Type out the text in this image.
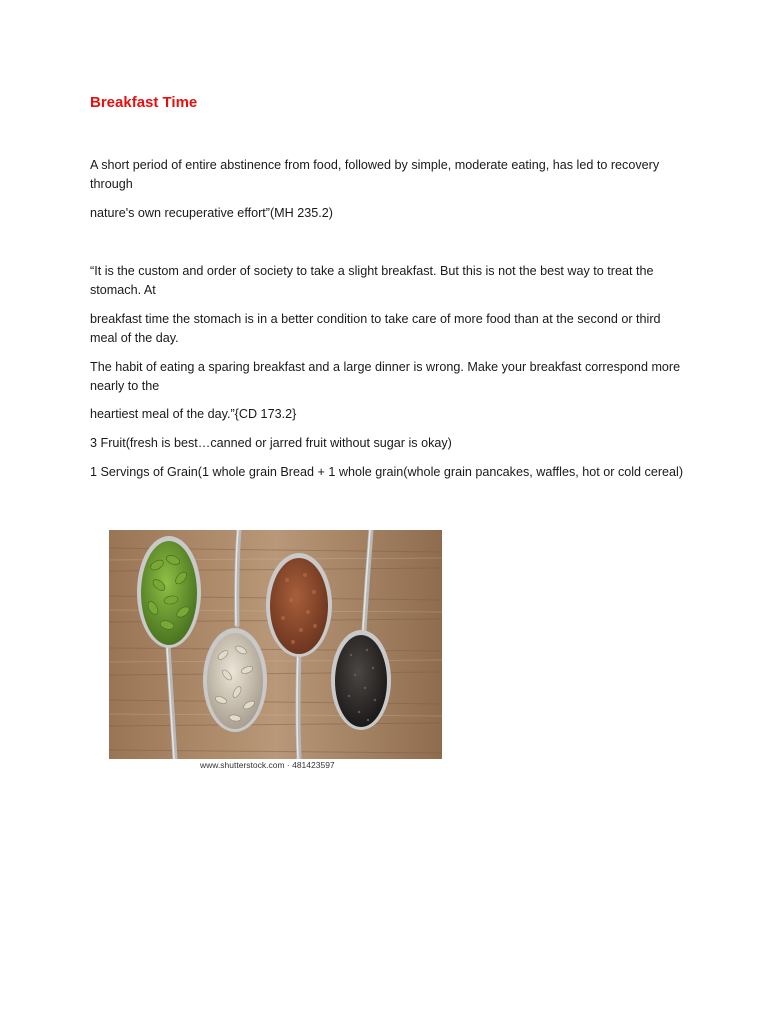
Breakfast Time

A short period of entire abstinence from food, followed by simple, moderate eating, has led to recovery through

nature's own recuperative effort”(MH 235.2)

“It is the custom and order of society to take a slight breakfast. But this is not the best way to treat the stomach. At

breakfast time the stomach is in a better condition to take care of more food than at the second or third meal of the day.

The habit of eating a sparing breakfast and a large dinner is wrong. Make your breakfast correspond more nearly to the

heartiest meal of the day.”{CD 173.2}

3 Fruit(fresh is best…canned or jarred fruit without sugar is okay)

1 Servings of Grain(1 whole grain Bread + 1 whole grain(whole grain pancakes, waffles, hot or cold cereal)

www.shutterstock.com · 481423597
